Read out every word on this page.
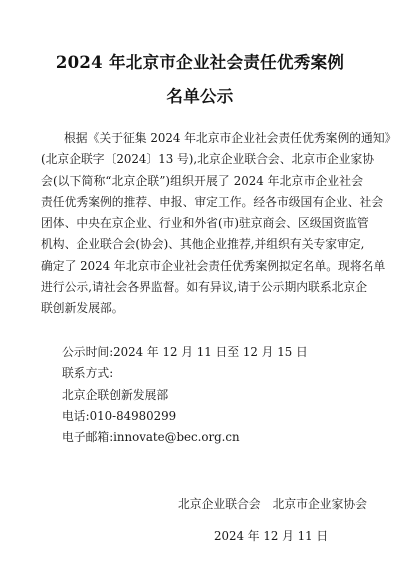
2024 年北京市企业社会责任优秀案例
名单公示
根据《关于征集 2024 年北京市企业社会责任优秀案例的通知》
(北京企联字〔2024〕13 号),北京企业联合会、北京市企业家协
会(以下简称“北京企联”)组织开展了 2024 年北京市企业社会
责任优秀案例的推荐、申报、审定工作。经各市级国有企业、社会
团体、中央在京企业、行业和外省(市)驻京商会、区级国资监管
机构、企业联合会(协会)、其他企业推荐,并组织有关专家审定,
确定了 2024 年北京市企业社会责任优秀案例拟定名单。现将名单
进行公示,请社会各界监督。如有异议,请于公示期内联系北京企
联创新发展部。
公示时间:2024 年 12 月 11 日至 12 月 15 日
联系方式:
北京企联创新发展部
电话:010-84980299
电子邮箱:innovate@bec.org.cn
北京企业联合会 北京市企业家协会
2024 年 12 月 11 日
